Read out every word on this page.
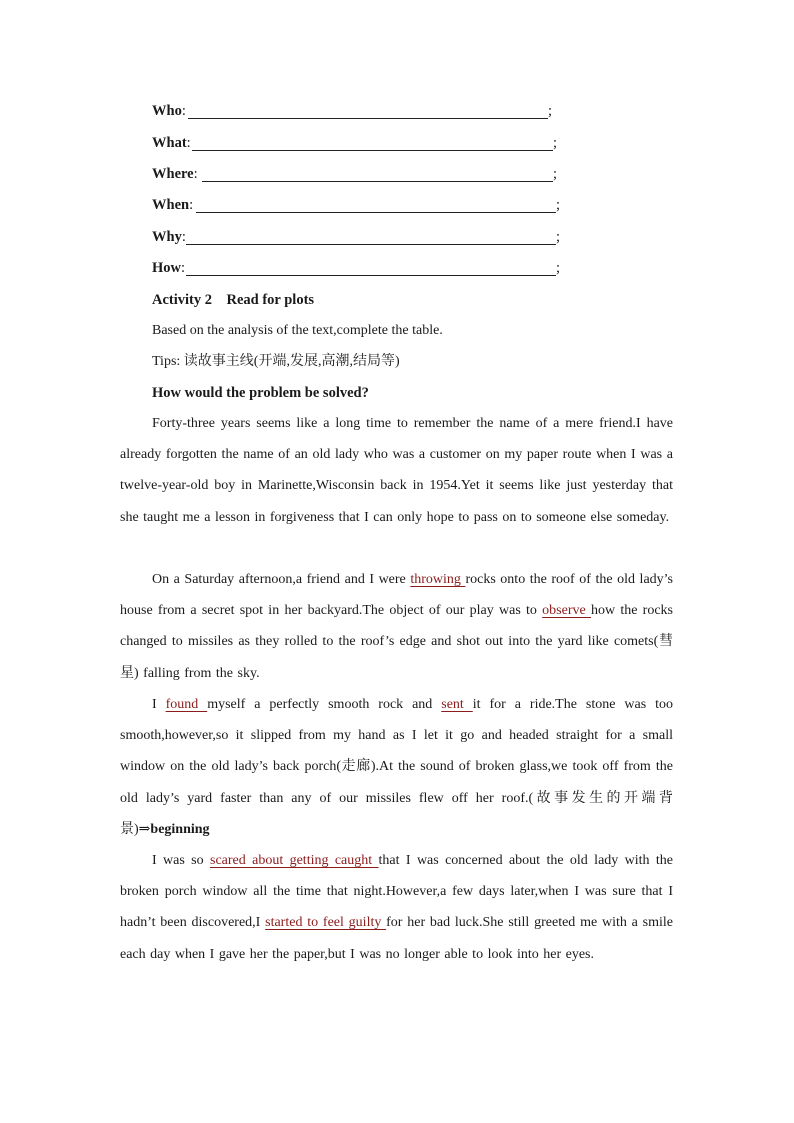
Who:	;
What:	;
Where:	;
When:	;
Why:	;
How:	;
Activity 2    Read for plots
Based on the analysis of the text,complete the table.
Tips: 读故事主线(开端,发展,高潮,结局等)
How would the problem be solved?
Forty-three years seems like a long time to remember the name of a mere friend.I have already forgotten the name of an old lady who was a customer on my paper route when I was a twelve-year-old boy in Marinette,Wisconsin back in 1954.Yet it seems like just yesterday that she taught me a lesson in forgiveness that I can only hope to pass on to someone else someday.
On a Saturday afternoon,a friend and I were throwing rocks onto the roof of the old lady’s house from a secret spot in her backyard.The object of our play was to observe how the rocks changed to missiles as they rolled to the roof’s edge and shot out into the yard like comets(彗星) falling from the sky.
I found myself a perfectly smooth rock and sent it for a ride.The stone was too smooth,however,so it slipped from my hand as I let it go and headed straight for a small window on the old lady’s back porch(走廊).At the sound of broken glass,we took off from the old lady’s yard faster than any of our missiles flew off her roof.(故事发生的开端背景)⇒beginning
I was so scared about getting caught that I was concerned about the old lady with the broken porch window all the time that night.However,a few days later,when I was sure that I hadn’t been discovered,I started to feel guilty for her bad luck.She still greeted me with a smile each day when I gave her the paper,but I was no longer able to look into her eyes.
